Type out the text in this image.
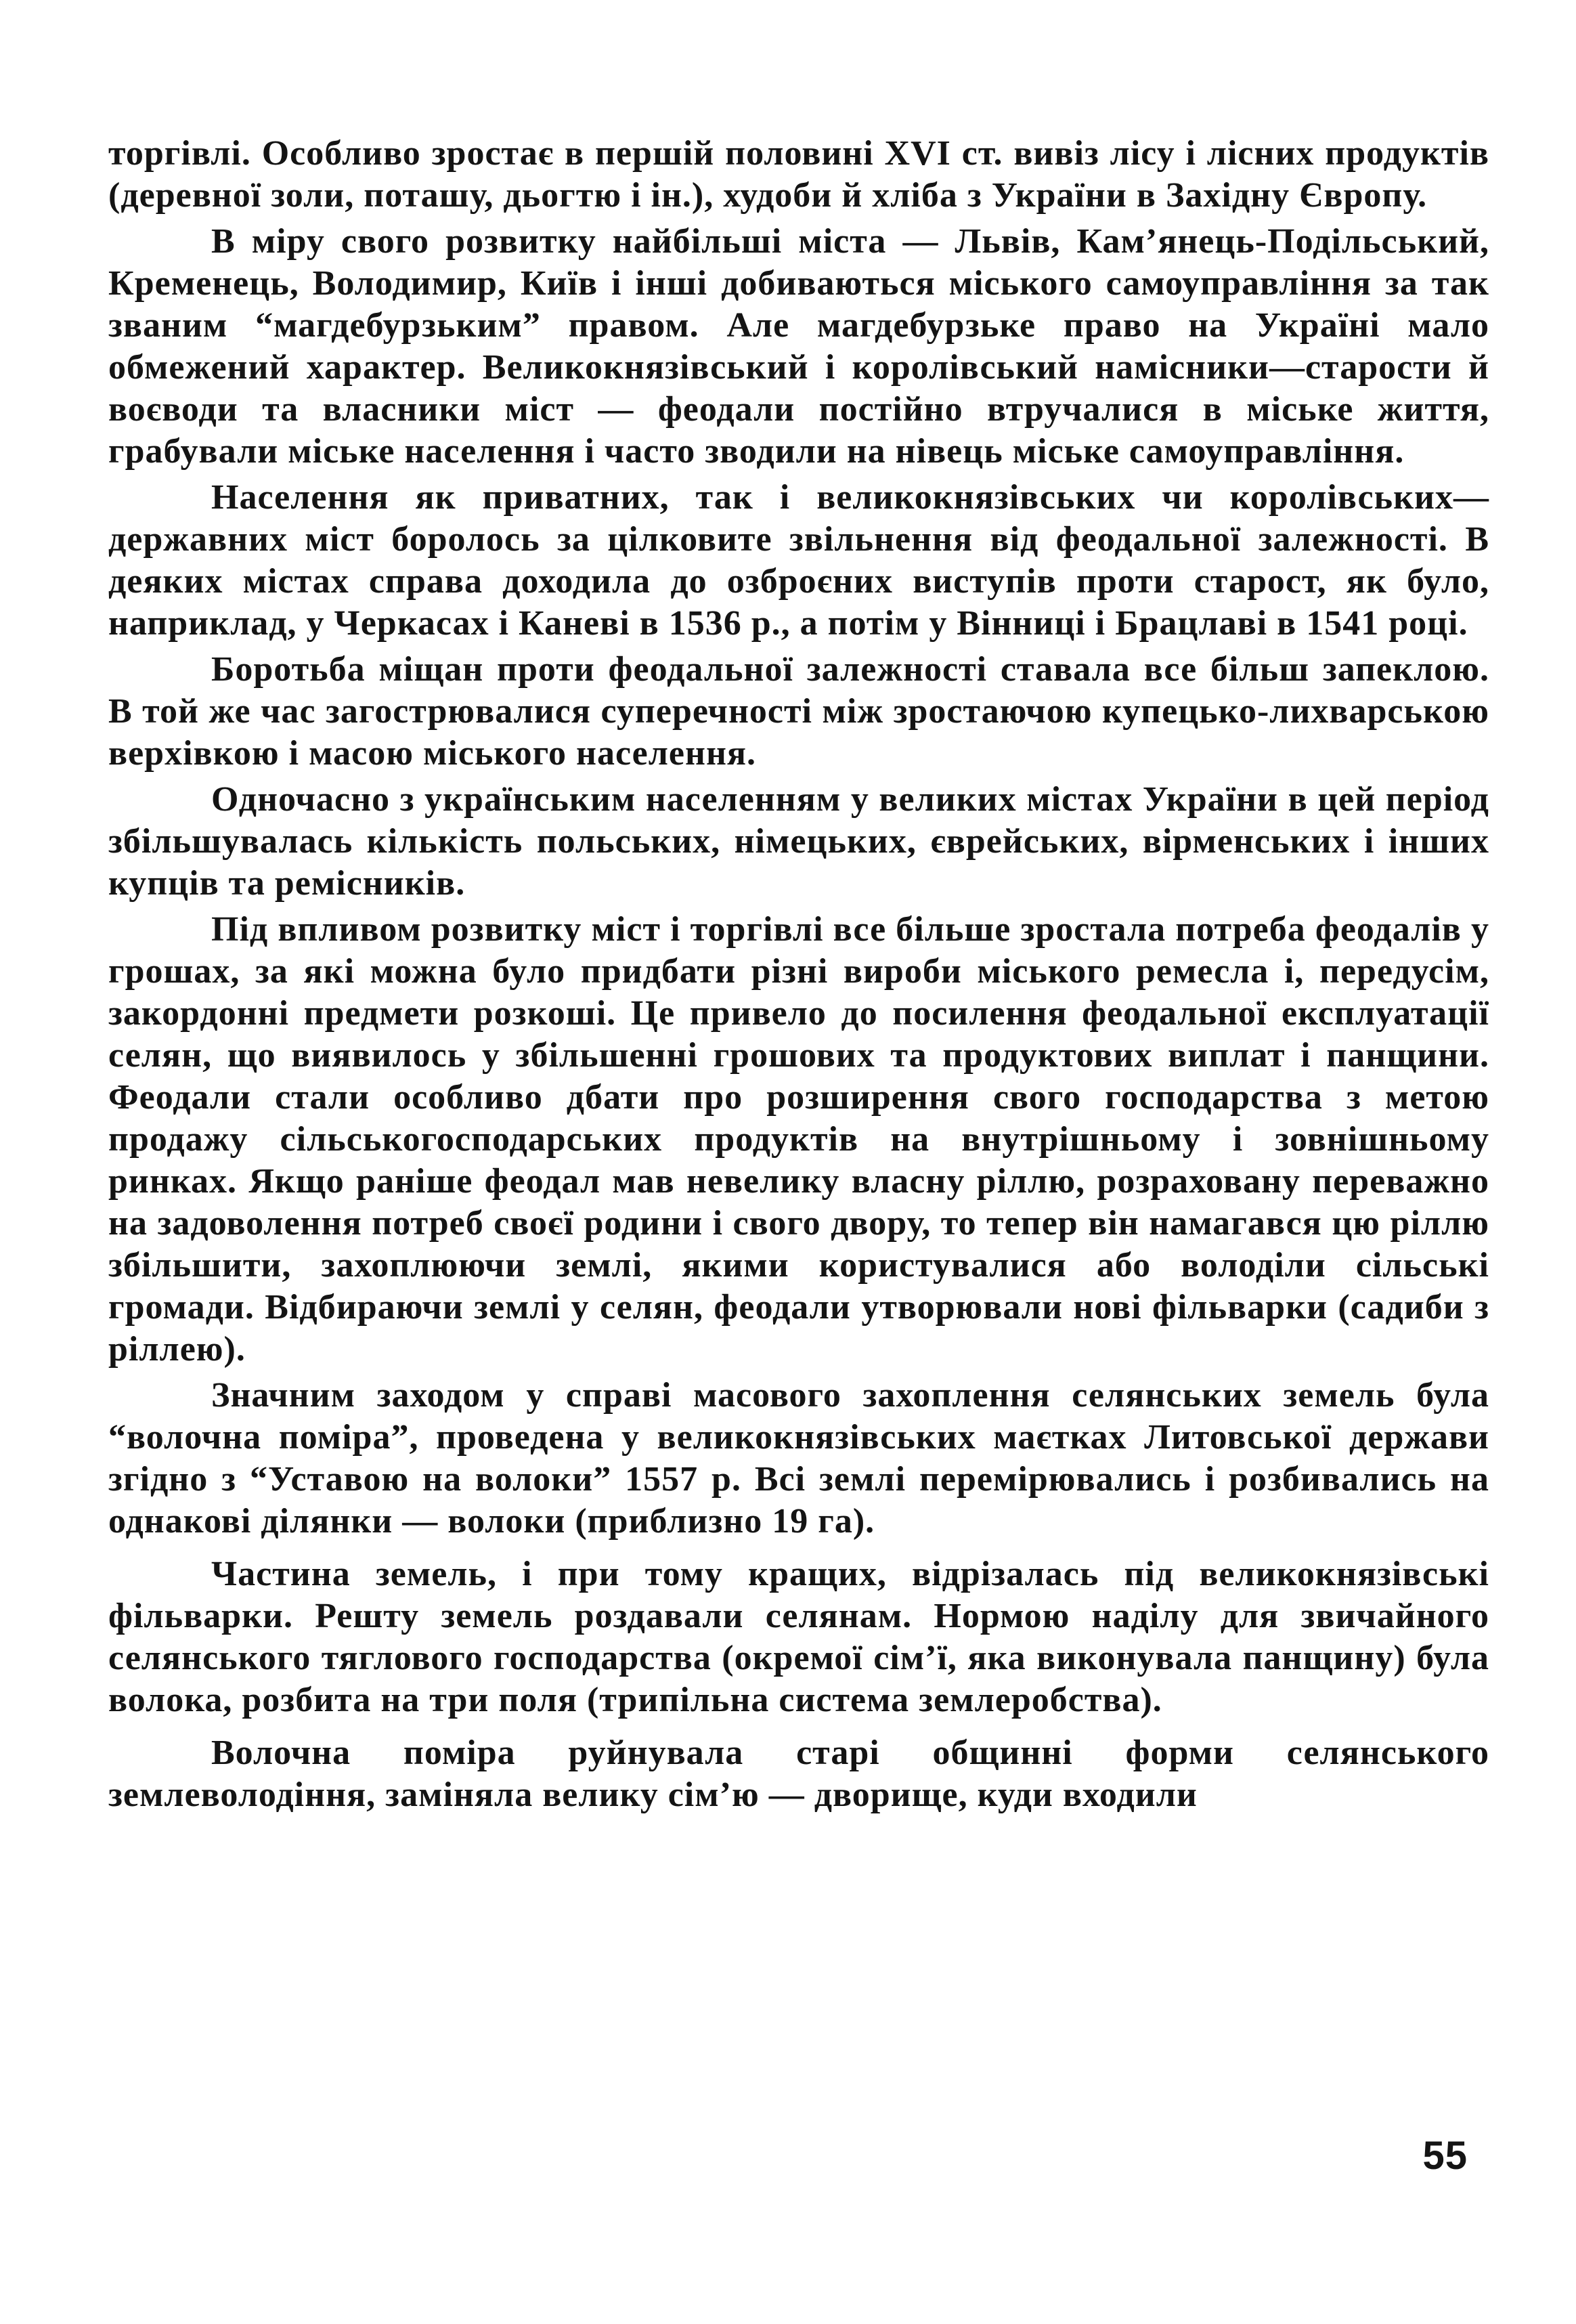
торгівлі. Особливо зростає в першій половині XVI ст. вивіз лісу і лісних продуктів (деревної золи, поташу, дьогтю і ін.), худоби й хліба з України в Західну Європу.

В міру свого розвитку найбільші міста — Львів, Кам’янець-Подільський, Кременець, Володимир, Київ і інші добиваються міського самоуправління за так званим “магдебурзьким” правом. Але магдебурзьке право на Україні мало обмежений характер. Великокнязівський і королівський намісники—старости й воєводи та власники міст — феодали постійно втручалися в міське життя, грабували міське населення і часто зводили на нівець міське самоуправління.

Населення як приватних, так і великокнязівських чи королівських—державних міст боролось за цілковите звільнення від феодальної залежності. В деяких містах справа доходила до озброєних виступів проти старост, як було, наприклад, у Черкасах і Каневі в 1536 р., а потім у Вінниці і Брацлаві в 1541 році.

Боротьба міщан проти феодальної залежності ставала все більш запеклою. В той же час загострювалися суперечності між зростаючою купецько-лихварською верхівкою і масою міського населення.

Одночасно з українським населенням у великих містах України в цей період збільшувалась кількість польських, німецьких, єврейських, вірменських і інших купців та ремісників.

Під впливом розвитку міст і торгівлі все більше зростала потреба феодалів у грошах, за які можна було придбати різні вироби міського ремесла і, передусім, закордонні предмети розкоші. Це привело до посилення феодальної експлуатації селян, що виявилось у збільшенні грошових та продуктових виплат і панщини. Феодали стали особливо дбати про розширення свого господарства з метою продажу сільськогосподарських продуктів на внутрішньому і зовнішньому ринках. Якщо раніше феодал мав невелику власну ріллю, розраховану переважно на задоволення потреб своєї родини і свого двору, то тепер він намагався цю ріллю збільшити, захоплюючи землі, якими користувалися або володіли сільські громади. Відбираючи землі у селян, феодали утворювали нові фільварки (садиби з ріллею).

Значним заходом у справі масового захоплення селянських земель була “волочна поміра”, проведена у великокнязівських маєтках Литовської держави згідно з “Уставою на волоки” 1557 р. Всі землі перемірювались і розбивались на однакові ділянки — волоки (приблизно 19 га).

Частина земель, і при тому кращих, відрізалась під великокнязівські фільварки. Решту земель роздавали селянам. Нормою наділу для звичайного селянського тяглового господарства (окремої сім’ї, яка виконувала панщину) була волока, розбита на три поля (трипільна система землеробства).

Волочна поміра руйнувала старі общинні форми селянського землеволодіння, заміняла велику сім’ю — дворище, куди входили

55
